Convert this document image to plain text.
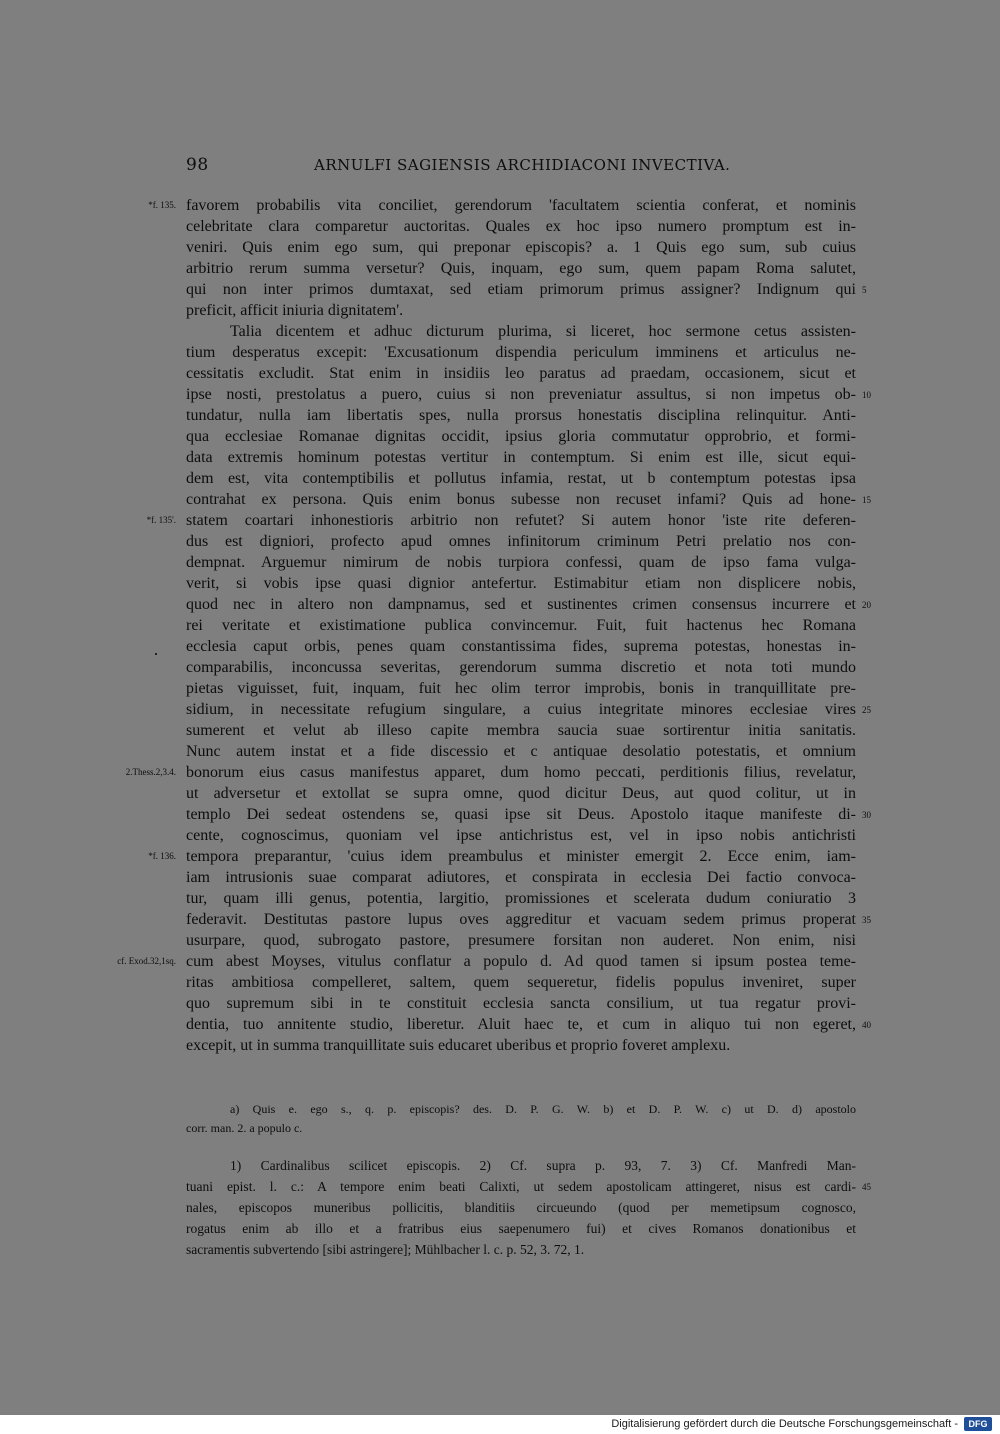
98	ARNULFI SAGIENSIS ARCHIDIACONI INVECTIVA.
favorem probabilis vita conciliet, gerendorum 'facultatem scientia conferat, et nominis
*f. 135.
celebritate clara comparetur auctoritas. Quales ex hoc ipso numero promptum est in-
veniri. Quis enim ego sum, qui preponar episcopis? a. 1 Quis ego sum, sub cuius
arbitrio rerum summa versetur? Quis, inquam, ego sum, quem papam Roma salutet,
qui non inter primos dumtaxat, sed etiam primorum primus assigner? Indignum qui 5
preficit, afficit iniuria dignitatem'.
Talia dicentem et adhuc dicturum plurima, si liceret, hoc sermone cetus assisten-
tium desperatus excepit: 'Excusationum dispendia periculum imminens et articulus ne-
cessitatis excludit. Stat enim in insidiis leo paratus ad praedam, occasionem, sicut et
ipse nosti, prestolatus a puero, cuius si non preveniatur assultus, si non impetus ob- 10
tundatur, nulla iam libertatis spes, nulla prorsus honestatis disciplina relinquitur. Anti-
qua ecclesiae Romanae dignitas occidit, ipsius gloria commutatur opprobrio, et formi-
data extremis hominum potestas vertitur in contemptum. Si enim est ille, sicut equi-
dem est, vita contemptibilis et pollutus infamia, restat, ut b contemptum potestas ipsa
contrahat ex persona. Quis enim bonus subesse non recuset infami? Quis ad hone- 15
statem coartari inhonestioris arbitrio non refutet? Si autem honor 'iste rite deferen-
*f. 135'.
dus est digniori, profecto apud omnes infinitorum criminum Petri prelatio nos con-
dempnat. Arguemur nimirum de nobis turpiora confessi, quam de ipso fama vulga-
verit, si vobis ipse quasi dignior antefertur. Estimabitur etiam non displicere nobis,
quod nec in altero non dampnamus, sed et sustinentes crimen consensus incurrere et 20
rei veritate et existimatione publica convincemur. Fuit, fuit hactenus hec Romana
ecclesia caput orbis, penes quam constantissima fides, suprema potestas, honestas in-
comparabilis, inconcussa severitas, gerendorum summa discretio et nota toti mundo
pietas viguisset, fuit, inquam, fuit hec olim terror improbis, bonis in tranquillitate pre-
sidium, in necessitate refugium singulare, a cuius integritate minores ecclesiae vires 25
sumerent et velut ab illeso capite membra saucia suae sortirentur initia sanitatis.
Nunc autem instat et a fide discessio et c antiquae desolatio potestatis, et omnium
bonorum eius casus manifestus apparet, dum homo peccati, perditionis filius, revelatur,
2.Thess.2,3.4.
ut adversetur et extollat se supra omne, quod dicitur Deus, aut quod colitur, ut in
templo Dei sedeat ostendens se, quasi ipse sit Deus. Apostolo itaque manifeste di- 30
cente, cognoscimus, quoniam vel ipse antichristus est, vel in ipso nobis antichristi
tempora preparantur, 'cuius idem preambulus et minister emergit 2. Ecce enim, iam-
*f. 136.
iam intrusionis suae comparat adiutores, et conspirata in ecclesia Dei factio convoca-
tur, quam illi genus, potentia, largitio, promissiones et scelerata dudum coniuratio 3
federavit. Destitutas pastore lupus oves aggreditur et vacuam sedem primus properat 35
usurpare, quod, subrogato pastore, presumere forsitan non auderet. Non enim, nisi
cum abest Moyses, vitulus conflatur a populo d. Ad quod tamen si ipsum postea teme-
cf. Exod.32,1sq.
ritas ambitiosa compelleret, saltem, quem sequeretur, fidelis populus inveniret, super
quo supremum sibi in te constituit ecclesia sancta consilium, ut tua regatur provi-
dentia, tuo annitente studio, liberetur. Aluit haec te, et cum in aliquo tui non egeret, 40
excepit, ut in summa tranquillitate suis educaret uberibus et proprio foveret amplexu.
a) Quis e. ego s., q. p. episcopis? des. D. P. G. W. b) et D. P. W. c) ut D. d) apostolo
corr. man. 2. a populo c.
1) Cardinalibus scilicet episcopis. 2) Cf. supra p. 93, 7. 3) Cf. Manfredi Man-
tuani epist. l. c.: A tempore enim beati Calixti, ut sedem apostolicam attingeret, nisus est cardi- 45
nales, episcopos muneribus pollicitis, blanditiis circueundo (quod per memetipsum cognosco,
rogatus enim ab illo et a fratribus eius saepenumero fui) et cives Romanos donationibus et
sacramentis subvertendo [sibi astringere]; Mühlbacher l. c. p. 52, 3. 72, 1.
Digitalisierung gefördert durch die Deutsche Forschungsgemeinschaft -	DFG
